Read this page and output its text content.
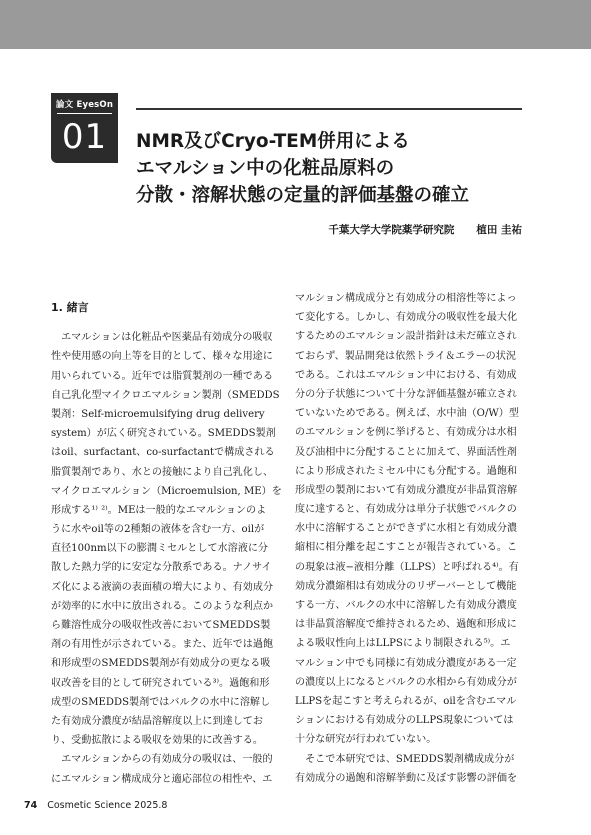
論文 EyesOn
01	NMR及びCryo-TEM併用による
エマルション中の化粧品原料の
分散・溶解状態の定量的評価基盤の確立
千葉大学大学院薬学研究院 植田 圭祐
1. 緒言
　エマルションは化粧品や医薬品有効成分の吸収
性や使用感の向上等を目的として、様々な用途に
用いられている。近年では脂質製剤の一種である
自己乳化型マイクロエマルション製剤（SMEDDS
製剤：Self-microemulsifying drug delivery
system）が広く研究されている。SMEDDS製剤
はoil、surfactant、co-surfactantで構成される
脂質製剤であり、水との接触により自己乳化し、
マイクロエマルション（Microemulsion, ME）を
形成する¹⁾ ²⁾。MEは一般的なエマルションのよ
うに水やoil等の2種類の液体を含む一方、oilが
直径100nm以下の膨潤ミセルとして水溶液に分
散した熱力学的に安定な分散系である。ナノサイ
ズ化による液滴の表面積の増大により、有効成分
が効率的に水中に放出される。このような利点か
ら難溶性成分の吸収性改善においてSMEDDS製
剤の有用性が示されている。また、近年では過飽
和形成型のSMEDDS製剤が有効成分の更なる吸
収改善を目的として研究されている³⁾。過飽和形
成型のSMEDDS製剤ではバルクの水中に溶解し
た有効成分濃度が結晶溶解度以上に到達してお
り、受動拡散による吸収を効果的に改善する。
　エマルションからの有効成分の吸収は、一般的
にエマルション構成成分と適応部位の相性や、エ
マルション構成成分と有効成分の相溶性等によっ
て変化する。しかし、有効成分の吸収性を最大化
するためのエマルション設計指針は未だ確立され
ておらず、製品開発は依然トライ＆エラーの状況
である。これはエマルション中における、有効成
分の分子状態について十分な評価基盤が確立され
ていないためである。例えば、水中油（O/W）型
のエマルションを例に挙げると、有効成分は水相
及び油相中に分配することに加えて、界面活性剤
により形成されたミセル中にも分配する。過飽和
形成型の製剤において有効成分濃度が非晶質溶解
度に達すると、有効成分は単分子状態でバルクの
水中に溶解することができずに水相と有効成分濃
縮相に相分離を起こすことが報告されている。こ
の現象は液−液相分離（LLPS）と呼ばれる⁴⁾。有
効成分濃縮相は有効成分のリザーバーとして機能
する一方、バルクの水中に溶解した有効成分濃度
は非晶質溶解度で維持されるため、過飽和形成に
よる吸収性向上はLLPSにより制限される⁵⁾。エ
マルション中でも同様に有効成分濃度がある一定
の濃度以上になるとバルクの水相から有効成分が
LLPSを起こすと考えられるが、oilを含むエマル
ションにおける有効成分のLLPS現象については
十分な研究が行われていない。
　そこで本研究では、SMEDDS製剤構成成分が
有効成分の過飽和溶解挙動に及ぼす影響の評価を
74 Cosmetic Science 2025.8
